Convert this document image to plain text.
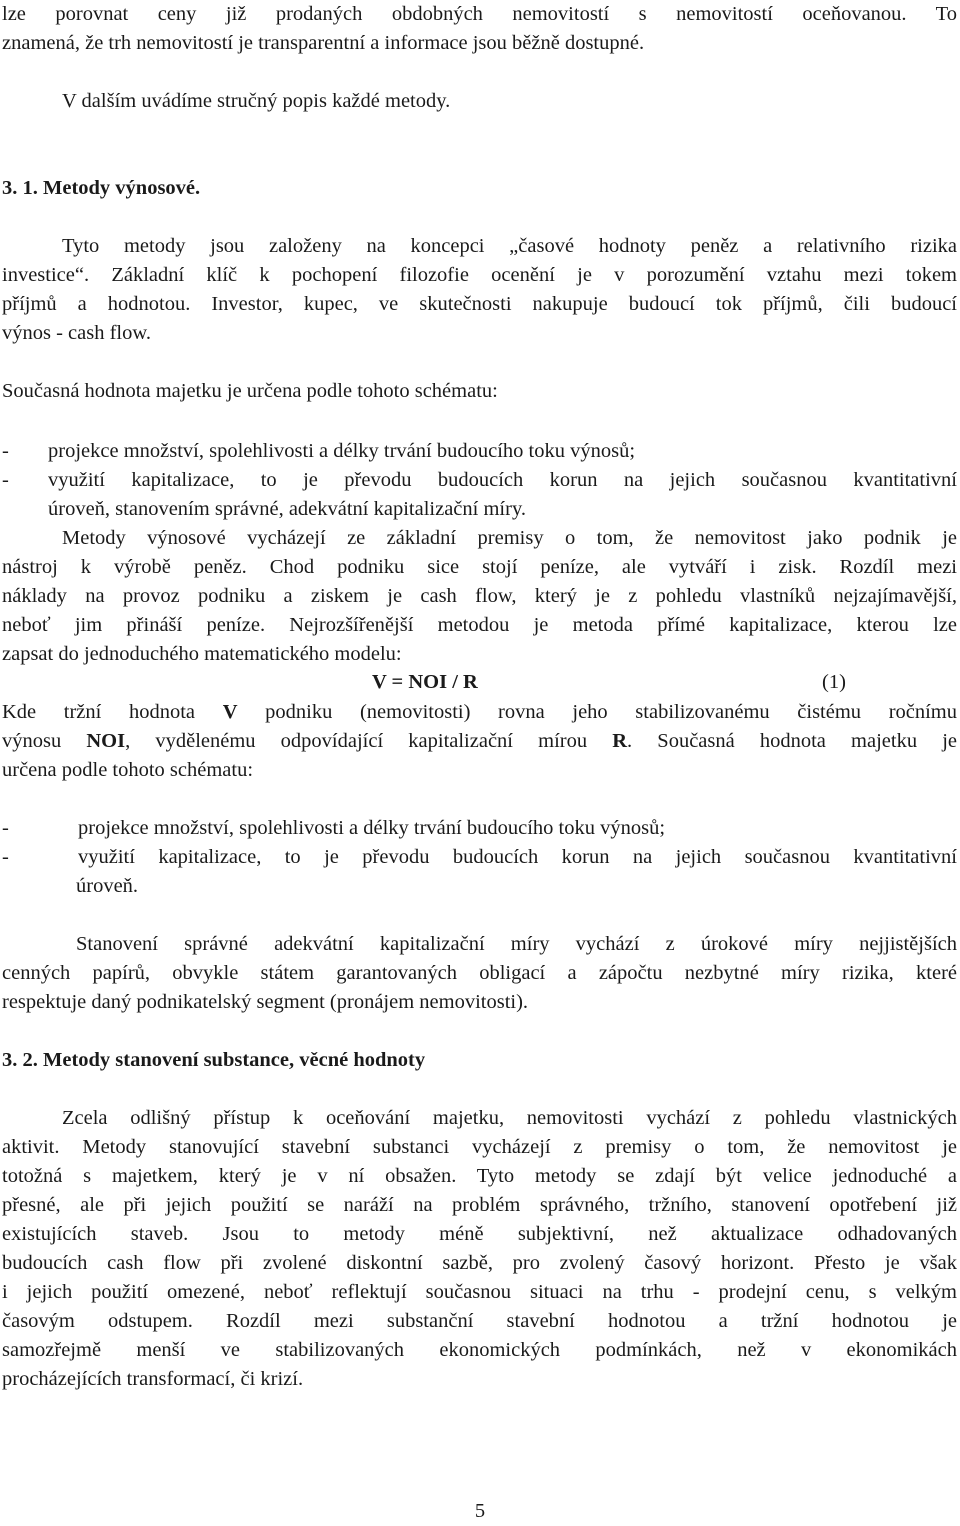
lze porovnat ceny již prodaných obdobných nemovitostí s nemovitostí oceňovanou. To

znamená, že trh nemovitostí je transparentní a informace jsou běžně dostupné.

V dalším uvádíme stručný popis každé metody.

3. 1. Metody výnosové.

Tyto metody jsou založeny na koncepci „časové hodnoty peněz a relativního rizika

investice“. Základní klíč k pochopení filozofie ocenění je v porozumění vztahu mezi tokem

příjmů a hodnotou. Investor, kupec, ve skutečnosti nakupuje budoucí tok příjmů, čili budoucí

výnos - cash flow.

Současná hodnota majetku je určena podle tohoto schématu:

- projekce množství, spolehlivosti a délky trvání budoucího toku výnosů;
- využití kapitalizace, to je převodu budoucích korun na jejich současnou kvantitativní

úroveň, stanovením správné, adekvátní kapitalizační míry.

Metody výnosové vycházejí ze základní premisy o tom, že nemovitost jako podnik je

nástroj k výrobě peněz. Chod podniku sice stojí peníze, ale vytváří i zisk. Rozdíl mezi

náklady na provoz podniku a ziskem je cash flow, který je z pohledu vlastníků nejzajímavější,

neboť jim přináší peníze. Nejrozšířenější metodou je metoda přímé kapitalizace, kterou lze

zapsat do jednoduchého matematického modelu:

V = NOI / R	(1)

Kde tržní hodnota V podniku (nemovitosti) rovna jeho stabilizovanému čistému ročnímu

výnosu NOI, vydělenému odpovídající kapitalizační mírou R. Současná hodnota majetku je

určena podle tohoto schématu:

-	projekce množství, spolehlivosti a délky trvání budoucího toku výnosů;
-	využití kapitalizace, to je převodu budoucích korun na jejich současnou kvantitativní

úroveň.

Stanovení správné adekvátní kapitalizační míry vychází z úrokové míry nejjistějších

cenných papírů, obvykle státem garantovaných obligací a zápočtu nezbytné míry rizika, které

respektuje daný podnikatelský segment (pronájem nemovitosti).

3. 2. Metody stanovení substance, věcné hodnoty

Zcela odlišný přístup k oceňování majetku, nemovitosti vychází z pohledu vlastnických

aktivit. Metody stanovující stavební substanci vycházejí z premisy o tom, že nemovitost je

totožná s majetkem, který je v ní obsažen. Tyto metody se zdají být velice jednoduché a

přesné, ale při jejich použití se naráží na problém správného, tržního, stanovení opotřebení již

existujících staveb. Jsou to metody méně subjektivní, než aktualizace odhadovaných

budoucích cash flow při zvolené diskontní sazbě, pro zvolený časový horizont. Přesto je však

i jejich použití omezené, neboť reflektují současnou situaci na trhu - prodejní cenu, s velkým

časovým odstupem. Rozdíl mezi substanční stavební hodnotou a tržní hodnotou je

samozřejmě menší ve stabilizovaných ekonomických podmínkách, než v ekonomikách

procházejících transformací, či krizí.

5
